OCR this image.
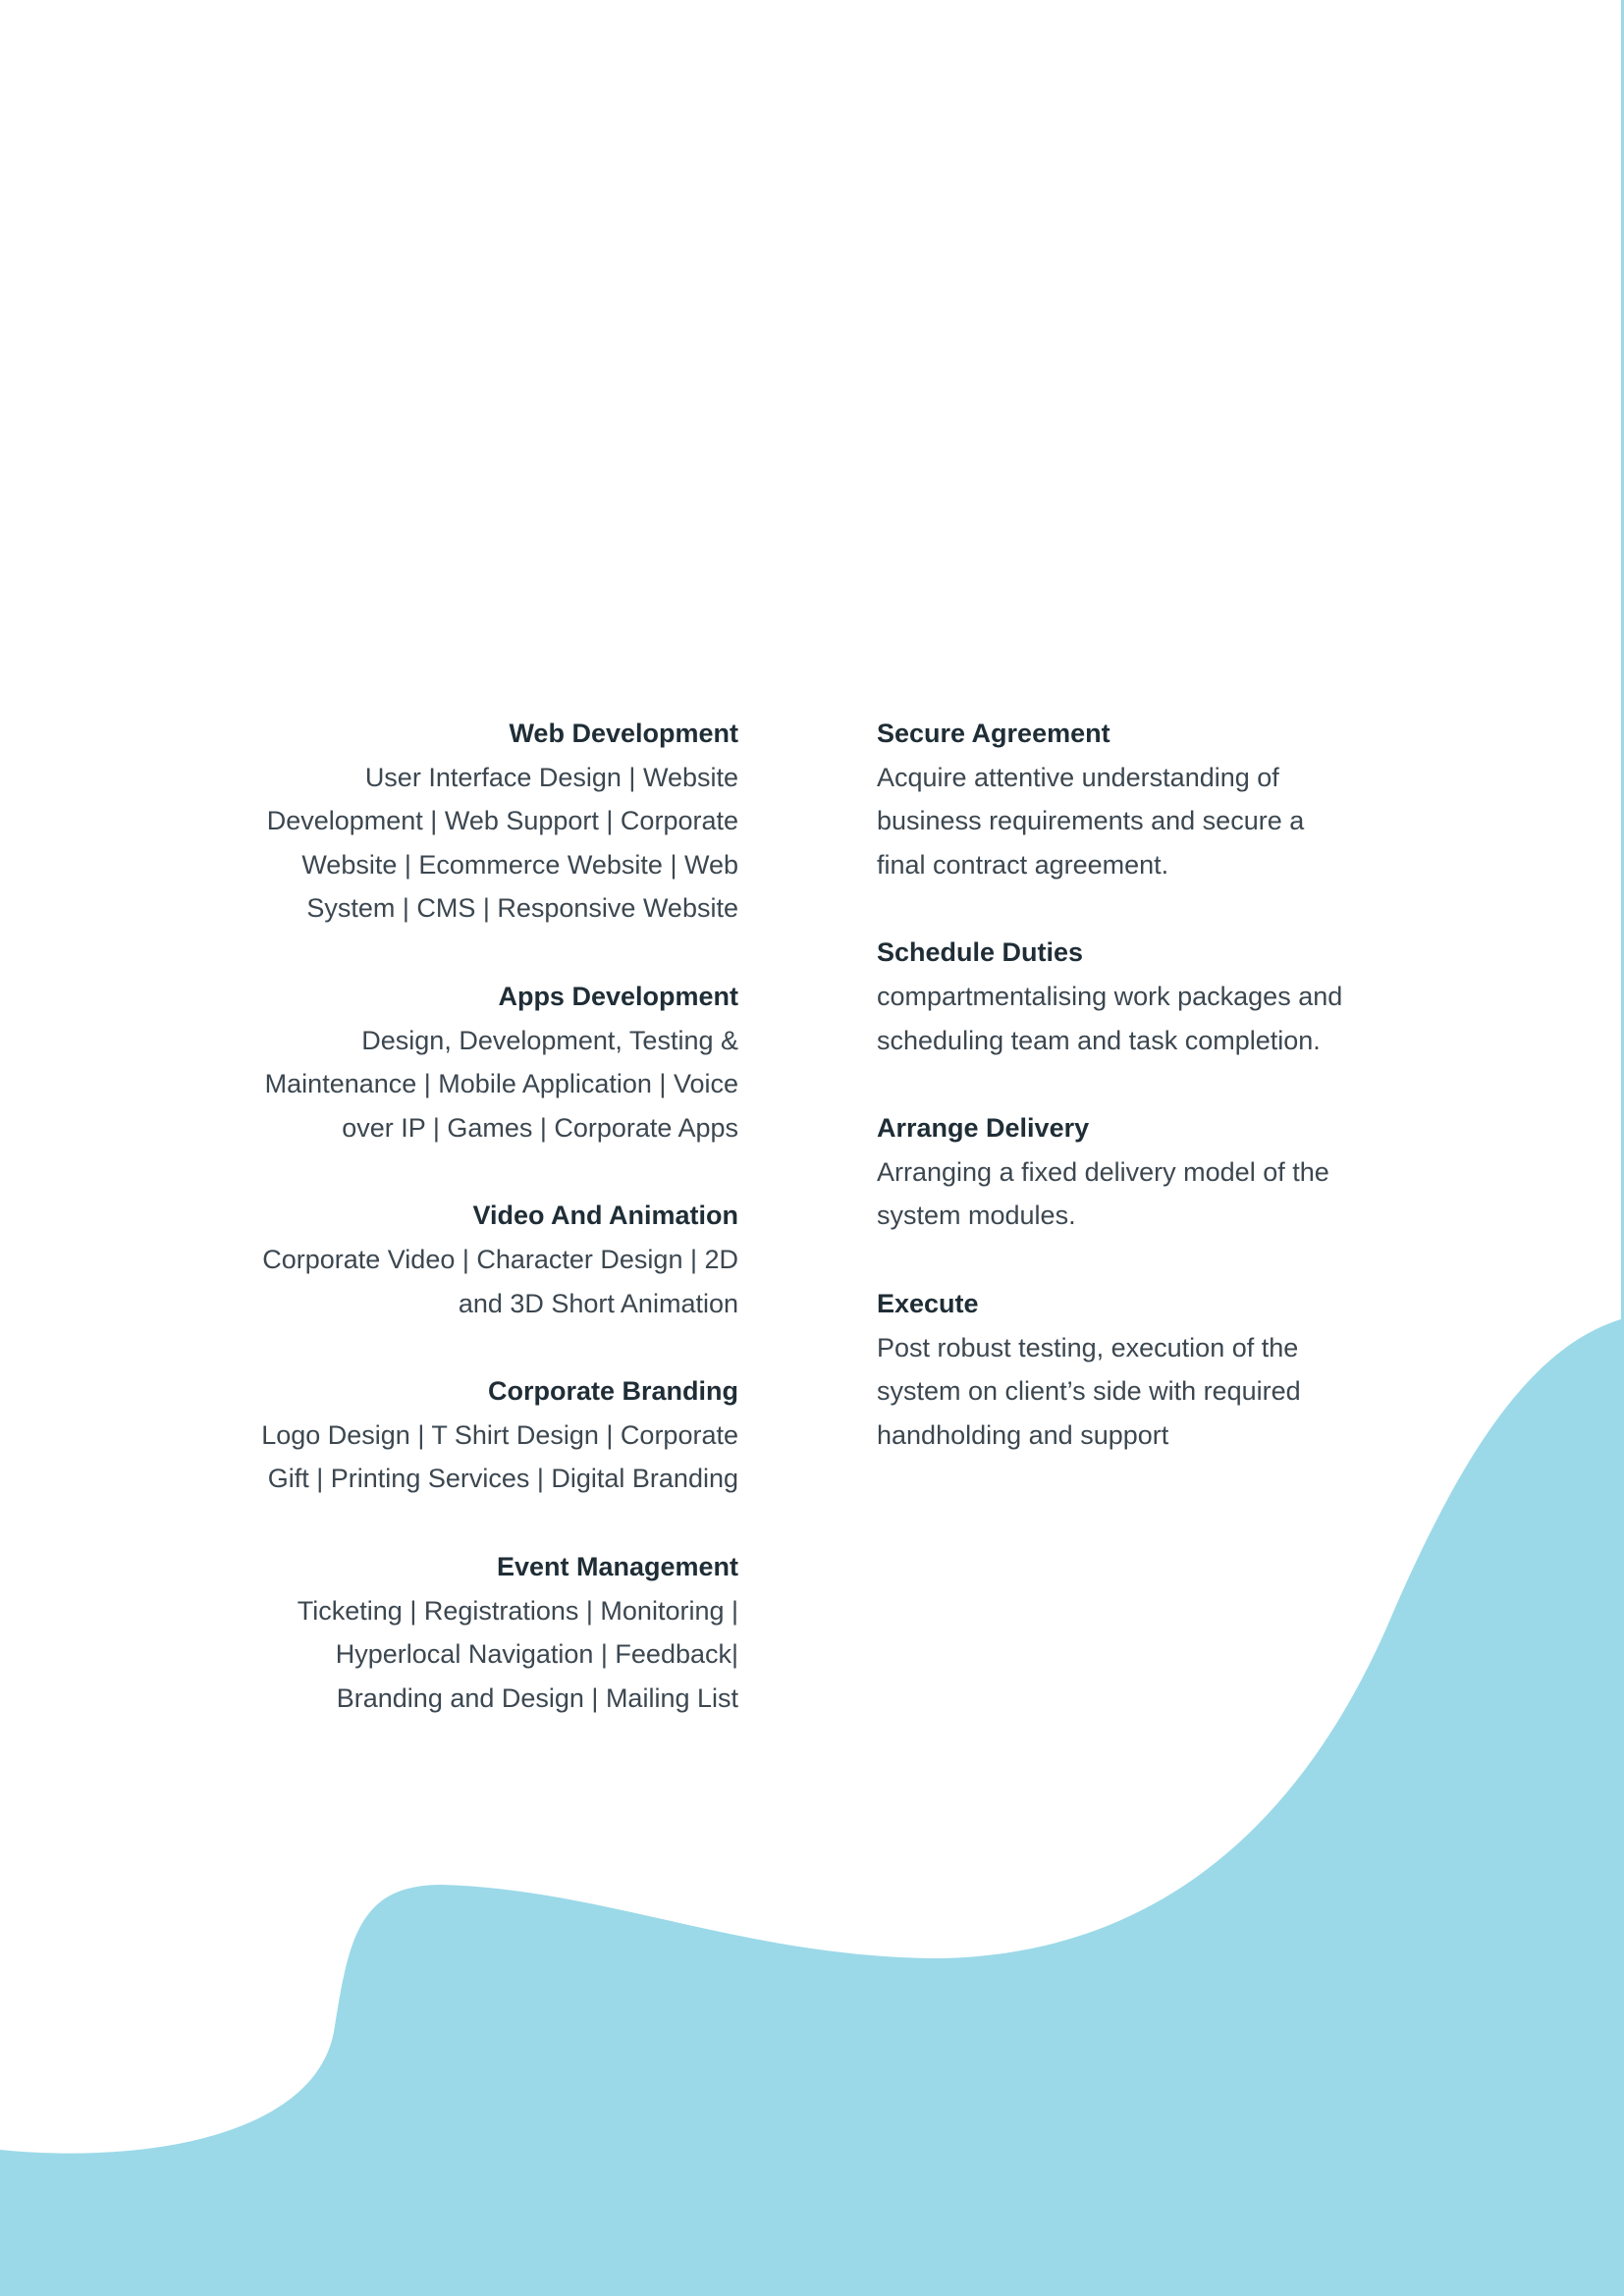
Web Development

User Interface Design | Website

Development | Web Support | Corporate

Website | Ecommerce Website | Web

System | CMS | Responsive Website

Apps Development

Design, Development, Testing &

Maintenance | Mobile Application | Voice

over IP | Games | Corporate Apps

Video And Animation

Corporate Video | Character Design | 2D

and 3D Short Animation

Corporate Branding

Logo Design | T Shirt Design | Corporate

Gift | Printing Services | Digital Branding

Event Management

Ticketing | Registrations | Monitoring |

Hyperlocal Navigation | Feedback|

Branding and Design | Mailing List

Secure Agreement

Acquire attentive understanding of

business requirements and secure a

final contract agreement.

Schedule Duties

compartmentalising work packages and

scheduling team and task completion.

Arrange Delivery

Arranging a fixed delivery model of the

system modules.

Execute

Post robust testing, execution of the

system on client’s side with required

handholding and support
